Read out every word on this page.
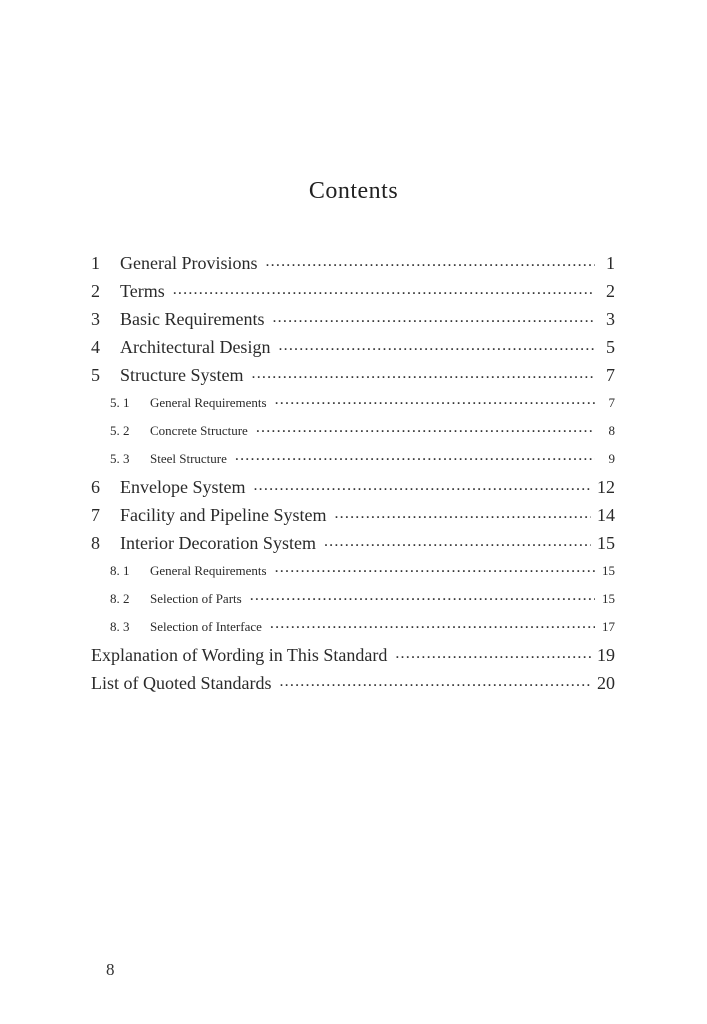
Contents
1	General Provisions ·····	1
2	Terms ·····	2
3	Basic Requirements ·····	3
4	Architectural Design ·····	5
5	Structure System ·····	7
5. 1	General Requirements ·····	7
5. 2	Concrete Structure ·····	8
5. 3	Steel Structure ·····	9
6	Envelope System ·····	12
7	Facility and Pipeline System ·····	14
8	Interior Decoration System ·····	15
8. 1	General Requirements ·····	15
8. 2	Selection of Parts ·····	15
8. 3	Selection of Interface ·····	17
Explanation of Wording in This Standard ·····	19
List of Quoted Standards ·····	20
8
